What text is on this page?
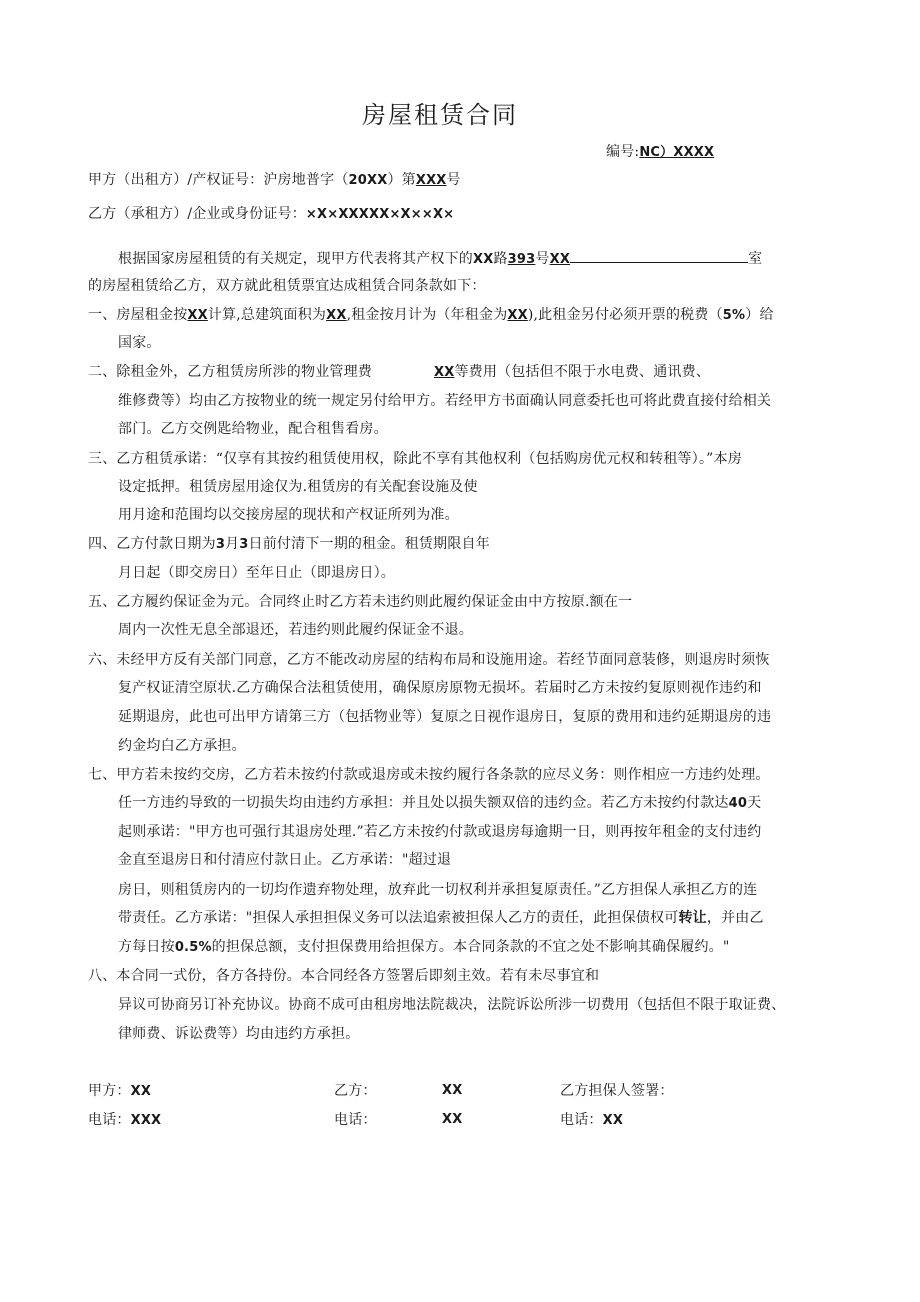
房屋租赁合同
编号:NC）XXXX
甲方（出租方）/产权证号：沪房地普字（20XX）第XXX号
乙方（承租方）/企业或身份证号：×X×XXXXX×X××X×
根据国家房屋租赁的有关规定，现甲方代表将其产权下的XX路393号XX	室
的房屋租赁给乙方，双方就此租赁票宜达成租赁合同条款如下：
一、房屋租金按XX计算,总建筑面积为XX,租金按月计为（年租金为XX),此租金另付必须开票的税费（5%）给
国家。
二、除租金外，乙方租赁房所涉的物业管理费	XX等费用（包括但不限于水电费、通讯费、
维修费等）均由乙方按物业的统一规定另付给甲方。若经甲方书面确认同意委托也可将此费直接付给相关
部门。乙方交例匙给物业，配合租售看房。
三、乙方租赁承诺：“仅享有其按约租赁使用权，除此不享有其他权利（包括购房优元权和转租等）。”本房
设定抵押。租赁房屋用途仅为.租赁房的有关配套设施及使
用月途和范围均以交接房屋的现状和产权证所列为准。
四、乙方付款日期为3月3日前付清下一期的租金。租赁期限自年
月日起（即交房日）至年日止（即退房日）。
五、乙方履约保证金为元。合同终止时乙方若未违约则此履约保证金由中方按原.额在一
周内一次性无息全部退还，若违约则此履约保证金不退。
六、未经甲方反有关部门同意，乙方不能改动房屋的结构布局和设施用途。若经节面同意装修，则退房时须恢
复产权证清空原状.乙方确保合法租赁使用，确保原房原物无损坏。若届时乙方未按约复原则视作违约和
延期退房，此也可出甲方请第三方（包括物业等）复原之日视作退房日，复原的费用和违约延期退房的违
约金均白乙方承担。
七、甲方若未按约交房，乙方若未按约付款或退房或未按约履行各条款的应尽义务：则作相应一方违约处理。
任一方违约导致的一切损失均由违约方承担：并且处以损失额双倍的违约佥。若乙方未按约付款达40天
起则承诺："甲方也可强行其退房处理.”若乙方未按约付款或退房每逾期一日，则再按年租金的支付违约
金直至退房日和付清应付款日止。乙方承诺："超过退
房日，则租赁房内的一切均作遗弃物处理，放弃此一切权利并承担复原责任。”乙方担保人承担乙方的连
带责任。乙方承诺："担保人承担担保义务可以法追索被担保人乙方的责任，此担保债权可转让，并由乙
方每日按0.5%的担保总额，支付担保费用给担保方。本合同条款的不宜之处不影响其确保履约。"
八、本合同一式份，各方各持份。本合同经各方签署后即刻主效。若有未尽事宜和
异议可协商另订补充协议。协商不成可由租房地法院裁决，法院诉讼所涉一切费用（包括但不限于取证费、
律师费、诉讼费等）均由违约方承担。
甲方：XX	乙方：	XX	乙方担保人签署：
电话：XXX	电话：	XX	电话：XX
